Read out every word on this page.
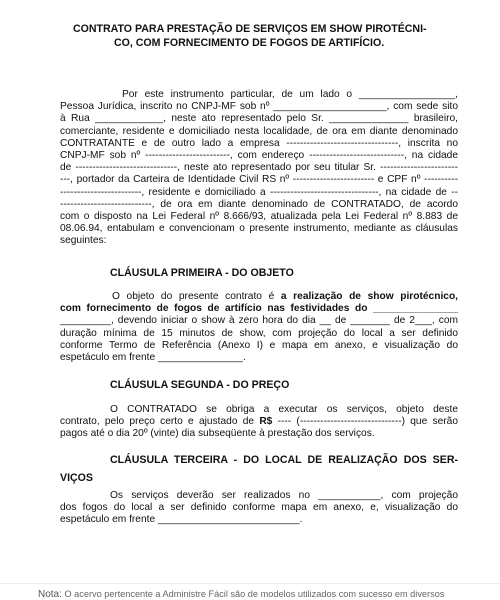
CONTRATO PARA PRESTAÇÃO DE SERVIÇOS EM SHOW PIROTÉCNI-
CO, COM FORNECIMENTO DE FOGOS DE ARTIFÍCIO.
Por este instrumento particular, de um lado o _________________,
Pessoa Jurídica, inscrito no CNPJ-MF sob nº ____________________, com sede sito
à Rua ____________, neste ato representado pelo Sr. ______________ brasileiro,
comerciante, residente e domiciliado nesta localidade, de ora em diante denominado
CONTRATANTE e de outro lado a empresa ---------------------------------, inscrita no
CNPJ-MF sob nº -------------------------, com endereço ----------------------------, na cidade
de ------------------------------, neste ato representado por seu titular Sr. -----------------------
---, portador da Carteira de Identidade Civil RS nº ------------------------ e CPF nº ----------
------------------------, residente e domiciliado a --------------------------------, na cidade de --
---------------------------, de ora em diante denominado de CONTRATADO, de acordo
com o disposto na Lei Federal nº 8.666/93, atualizada pela Lei Federal nº 8.883 de
08.06.94, entabulam e convencionam o presente instrumento, mediante as cláusulas
seguintes:
CLÁUSULA PRIMEIRA - DO OBJETO
O objeto do presente contrato é a realização de show pirotécnico,
com fornecimento de fogos de artifício nas festividades do _______________
_________, devendo iniciar o show à zero hora do dia __ de _______ de 2___, com
duração mínima de 15 minutos de show, com projeção do local a ser definido
conforme Termo de Referência (Anexo I) e mapa em anexo, e visualização do
espetáculo em frente _______________.
CLÁUSULA SEGUNDA - DO PREÇO
O CONTRATADO se obriga a executar os serviços, objeto deste
contrato, pelo preço certo e ajustado de R$ ---- (------------------------------) que serão
pagos até o dia 20º (vinte) dia subseqüente à prestação dos serviços.
CLÁUSULA TERCEIRA - DO LOCAL DE REALIZAÇÃO DOS SER-
VIÇOS
Os serviços deverão ser realizados no ___________, com projeção
dos fogos do local a ser definido conforme mapa em anexo, e, visualização do
espetáculo em frente _________________________.
Nota: O acervo pertencente a Administre Fácil são de modelos utilizados com sucesso em diversos
